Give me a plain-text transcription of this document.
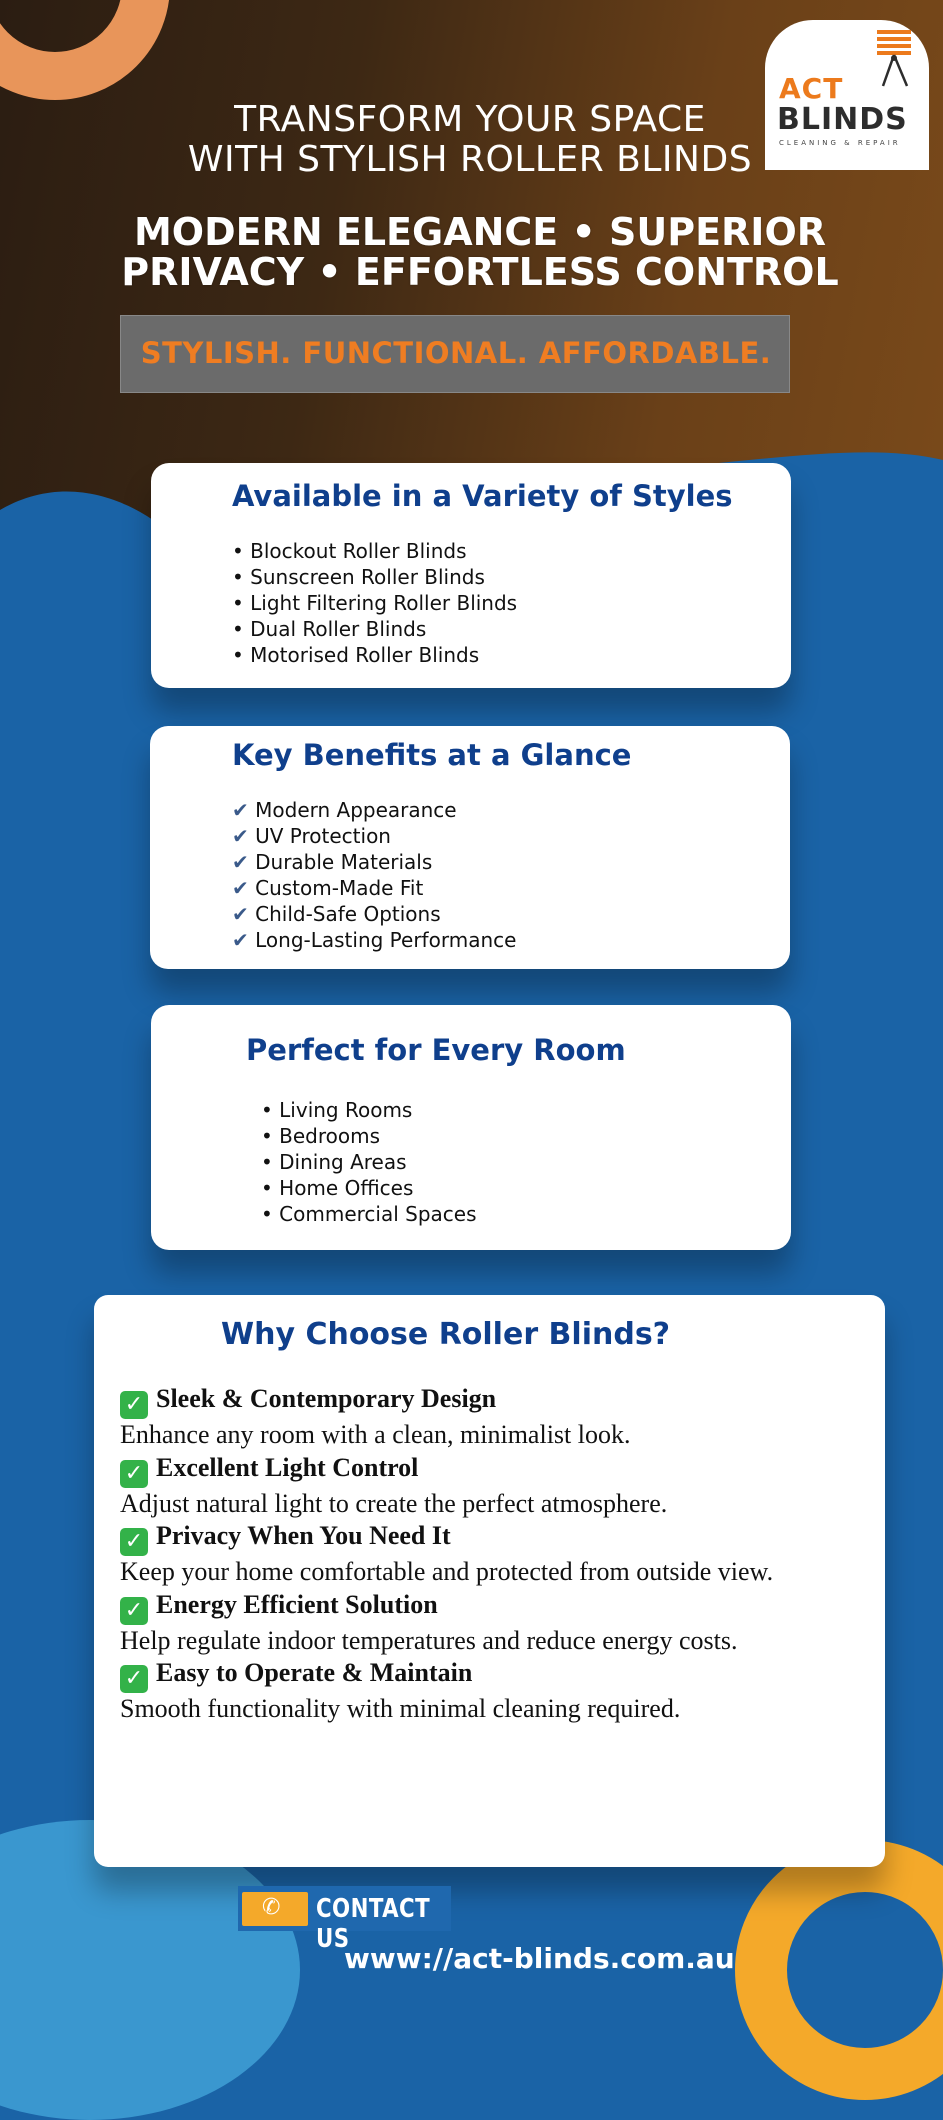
ACT
BLINDS
CLEANING & REPAIR
TRANSFORM YOUR SPACE
WITH STYLISH ROLLER BLINDS
MODERN ELEGANCE • SUPERIOR
PRIVACY • EFFORTLESS CONTROL
STYLISH. FUNCTIONAL. AFFORDABLE.
Available in a Variety of Styles
• Blockout Roller Blinds
• Sunscreen Roller Blinds
• Light Filtering Roller Blinds
• Dual Roller Blinds
• Motorised Roller Blinds
Key Benefits at a Glance
✔ Modern Appearance
✔ UV Protection
✔ Durable Materials
✔ Custom-Made Fit
✔ Child-Safe Options
✔ Long-Lasting Performance
Perfect for Every Room
• Living Rooms
• Bedrooms
• Dining Areas
• Home Offices
• Commercial Spaces
Why Choose Roller Blinds?
✓ Sleek & Contemporary Design
Enhance any room with a clean, minimalist look.
✓ Excellent Light Control
Adjust natural light to create the perfect atmosphere.
✓ Privacy When You Need It
Keep your home comfortable and protected from outside view.
✓ Energy Efficient Solution
Help regulate indoor temperatures and reduce energy costs.
✓ Easy to Operate & Maintain
Smooth functionality with minimal cleaning required.
✆ CONTACT US
www://act-blinds.com.au
